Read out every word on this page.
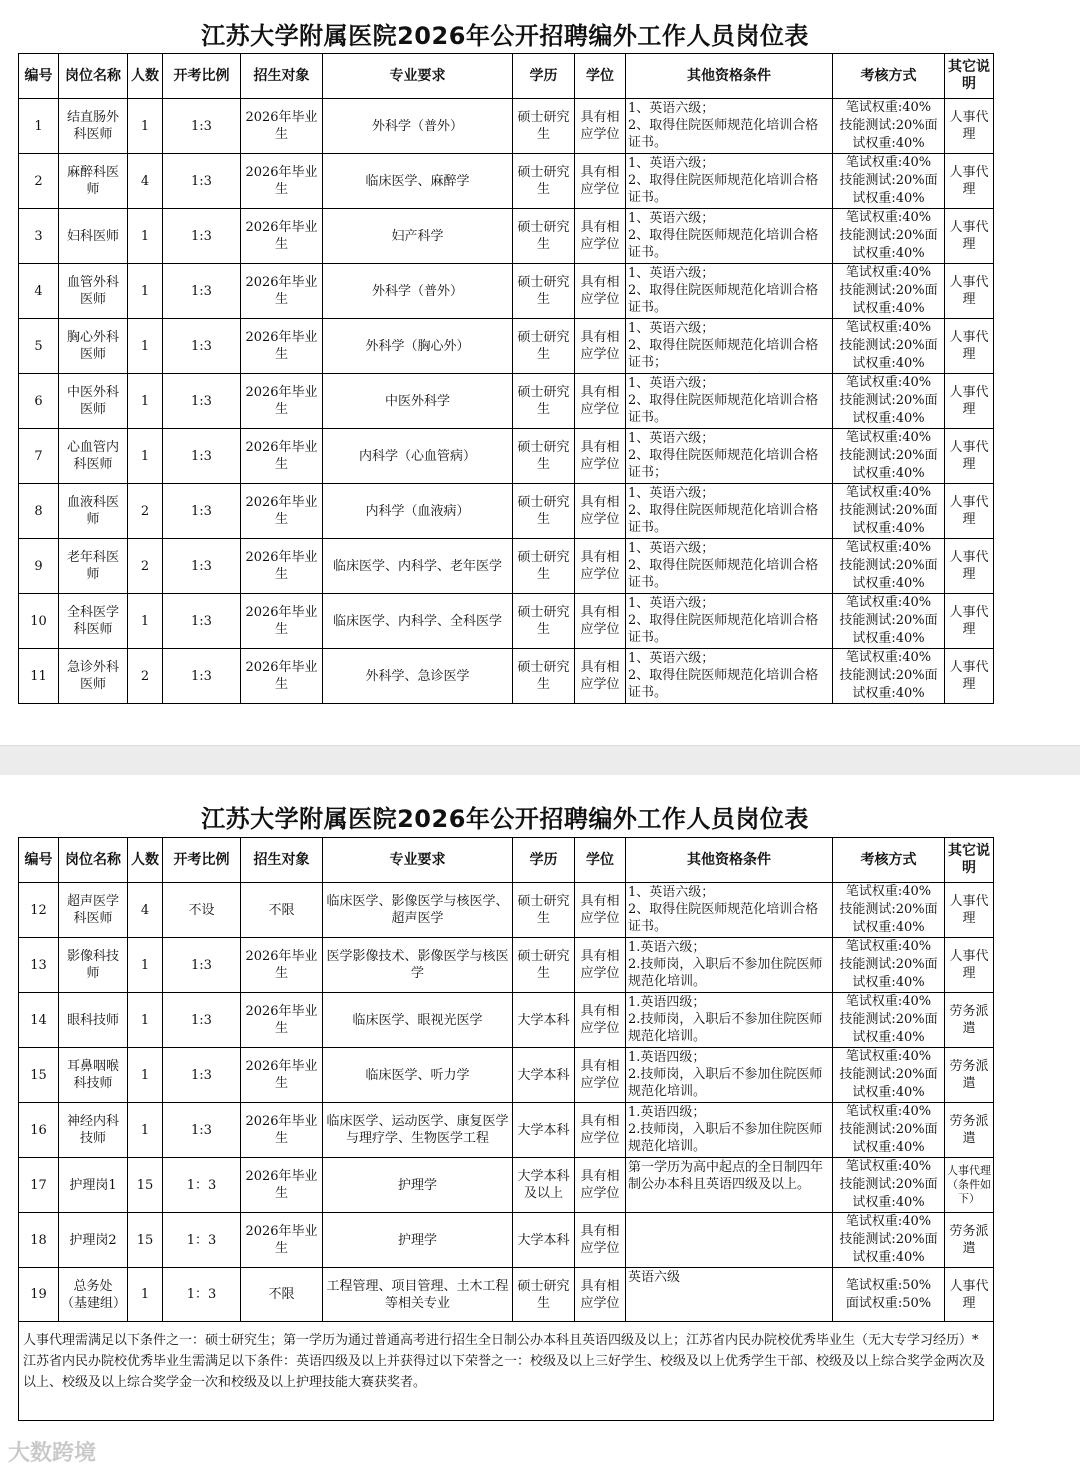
江苏大学附属医院2026年公开招聘编外工作人员岗位表
编号	岗位名称	人数	开考比例	招生对象	专业要求	学历	学位	其他资格条件	考核方式	其它说明
1	结直肠外科医师	1	1:3	2026年毕业生	外科学（普外）	硕士研究生	具有相应学位	1、英语六级；
2、取得住院医师规范化培训合格证书。	笔试权重:40%
技能测试:20%面试权重:40%	人事代理
2	麻醉科医师	4	1:3	2026年毕业生	临床医学、麻醉学	硕士研究生	具有相应学位	1、英语六级；
2、取得住院医师规范化培训合格证书。	笔试权重:40%
技能测试:20%面试权重:40%	人事代理
3	妇科医师	1	1:3	2026年毕业生	妇产科学	硕士研究生	具有相应学位	1、英语六级；
2、取得住院医师规范化培训合格证书。	笔试权重:40%
技能测试:20%面试权重:40%	人事代理
4	血管外科医师	1	1:3	2026年毕业生	外科学（普外）	硕士研究生	具有相应学位	1、英语六级；
2、取得住院医师规范化培训合格证书。	笔试权重:40%
技能测试:20%面试权重:40%	人事代理
5	胸心外科医师	1	1:3	2026年毕业生	外科学（胸心外）	硕士研究生	具有相应学位	1、英语六级；
2、取得住院医师规范化培训合格证书；	笔试权重:40%
技能测试:20%面试权重:40%	人事代理
6	中医外科医师	1	1:3	2026年毕业生	中医外科学	硕士研究生	具有相应学位	1、英语六级；
2、取得住院医师规范化培训合格证书。	笔试权重:40%
技能测试:20%面试权重:40%	人事代理
7	心血管内科医师	1	1:3	2026年毕业生	内科学（心血管病）	硕士研究生	具有相应学位	1、英语六级；
2、取得住院医师规范化培训合格证书；	笔试权重:40%
技能测试:20%面试权重:40%	人事代理
8	血液科医师	2	1:3	2026年毕业生	内科学（血液病）	硕士研究生	具有相应学位	1、英语六级；
2、取得住院医师规范化培训合格证书。	笔试权重:40%
技能测试:20%面试权重:40%	人事代理
9	老年科医师	2	1:3	2026年毕业生	临床医学、内科学、老年医学	硕士研究生	具有相应学位	1、英语六级；
2、取得住院医师规范化培训合格证书。	笔试权重:40%
技能测试:20%面试权重:40%	人事代理
10	全科医学科医师	1	1:3	2026年毕业生	临床医学、内科学、全科医学	硕士研究生	具有相应学位	1、英语六级；
2、取得住院医师规范化培训合格证书。	笔试权重:40%
技能测试:20%面试权重:40%	人事代理
11	急诊外科医师	2	1:3	2026年毕业生	外科学、急诊医学	硕士研究生	具有相应学位	1、英语六级；
2、取得住院医师规范化培训合格证书。	笔试权重:40%
技能测试:20%面试权重:40%	人事代理
江苏大学附属医院2026年公开招聘编外工作人员岗位表
编号	岗位名称	人数	开考比例	招生对象	专业要求	学历	学位	其他资格条件	考核方式	其它说明
12	超声医学科医师	4	不设	不限	临床医学、影像医学与核医学、超声医学	硕士研究生	具有相应学位	1、英语六级；
2、取得住院医师规范化培训合格证书。	笔试权重:40%
技能测试:20%面试权重:40%	人事代理
13	影像科技师	1	1:3	2026年毕业生	医学影像技术、影像医学与核医学	硕士研究生	具有相应学位	1.英语六级；
2.技师岗，入职后不参加住院医师规范化培训。	笔试权重:40%
技能测试:20%面试权重:40%	人事代理
14	眼科技师	1	1:3	2026年毕业生	临床医学、眼视光医学	大学本科	具有相应学位	1.英语四级；
2.技师岗，入职后不参加住院医师规范化培训。	笔试权重:40%
技能测试:20%面试权重:40%	劳务派遣
15	耳鼻咽喉科技师	1	1:3	2026年毕业生	临床医学、听力学	大学本科	具有相应学位	1.英语四级；
2.技师岗，入职后不参加住院医师规范化培训。	笔试权重:40%
技能测试:20%面试权重:40%	劳务派遣
16	神经内科技师	1	1:3	2026年毕业生	临床医学、运动医学、康复医学与理疗学、生物医学工程	大学本科	具有相应学位	1.英语四级；
2.技师岗，入职后不参加住院医师规范化培训。	笔试权重:40%
技能测试:20%面试权重:40%	劳务派遣
17	护理岗1	15	1：3	2026年毕业生	护理学	大学本科及以上	具有相应学位	第一学历为高中起点的全日制四年制公办本科且英语四级及以上。	笔试权重:40%
技能测试:20%面试权重:40%	人事代理（条件如下）
18	护理岗2	15	1：3	2026年毕业生	护理学	大学本科	具有相应学位		笔试权重:40%
技能测试:20%面试权重:40%	劳务派遣
19	总务处（基建组）	1	1：3	不限	工程管理、项目管理、土木工程等相关专业	硕士研究生	具有相应学位	英语六级	笔试权重:50%
面试权重:50%	人事代理
人事代理需满足以下条件之一：硕士研究生；第一学历为通过普通高考进行招生全日制公办本科且英语四级及以上；江苏省内民办院校优秀毕业生（无大专学习经历）*
江苏省内民办院校优秀毕业生需满足以下条件：英语四级及以上并获得过以下荣誉之一：校级及以上三好学生、校级及以上优秀学生干部、校级及以上综合奖学金两次及以上、校级及以上综合奖学金一次和校级及以上护理技能大赛获奖者。										
大数跨境
